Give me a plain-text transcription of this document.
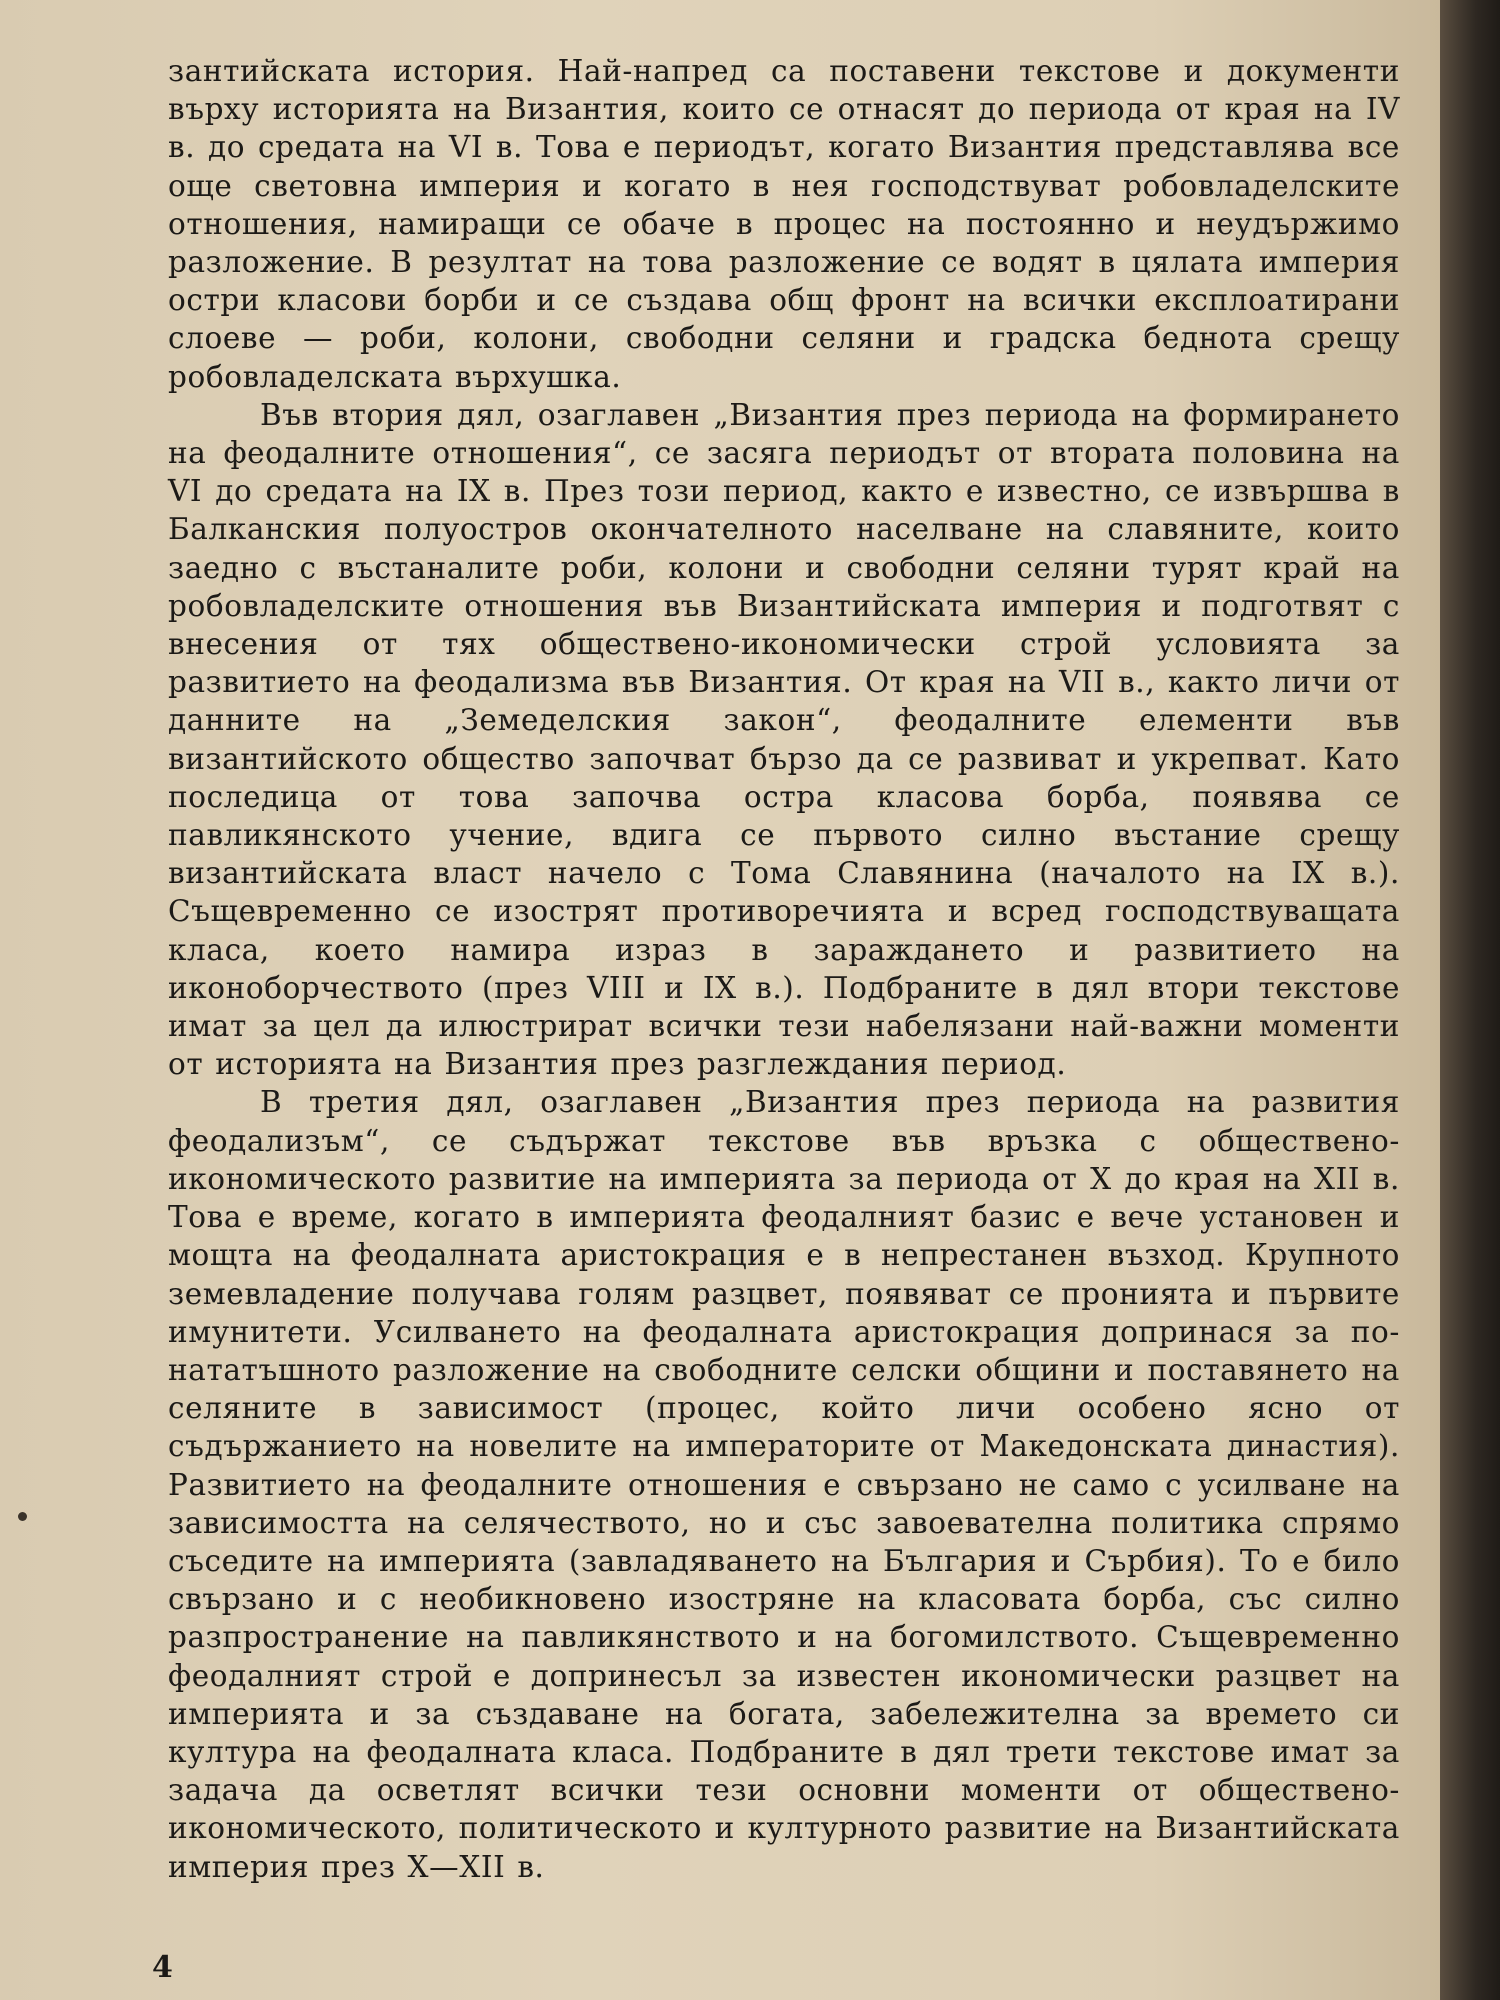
зантийската история. Най-напред са поставени текстове и документи върху историята на Византия, които се отнасят до периода от края на IV в. до средата на VI в. Това е периодът, когато Византия представлява все още световна империя и когато в нея господствуват робовладелските отношения, намиращи се обаче в процес на постоянно и неудържимо разложение. В резултат на това разложение се водят в цялата империя остри класови борби и се създава общ фронт на всички експлоатирани слоеве — роби, колони, свободни селяни и градска беднота срещу робовладелската върхушка.

Във втория дял, озаглавен „Византия през периода на формирането на феодалните отношения“, се засяга периодът от втората половина на VI до средата на IX в. През този период, както е известно, се извършва в Балканския полуостров окончателното населване на славяните, които заедно с въстаналите роби, колони и свободни селяни турят край на робовладелските отношения във Византийската империя и подготвят с внесения от тях обществено-икономически строй условията за развитието на феодализма във Византия. От края на VII в., както личи от данните на „Земеделския закон“, феодалните елементи във византийското общество започват бързо да се развиват и укрепват. Като последица от това започва остра класова борба, появява се павликянското учение, вдига се първото силно въстание срещу византийската власт начело с Тома Славянина (началото на IX в.). Същевременно се изострят противоречията и всред господствуващата класа, което намира израз в зараждането и развитието на иконоборчеството (през VIII и IX в.). Подбраните в дял втори текстове имат за цел да илюстрират всички тези набелязани най-важни моменти от историята на Византия през разглеждания период.

В третия дял, озаглавен „Византия през периода на развития феодализъм“, се съдържат текстове във връзка с обществено-икономическото развитие на империята за периода от X до края на XII в. Това е време, когато в империята феодалният базис е вече установен и мощта на феодалната аристокрация е в непрестанен възход. Крупното земевладение получава голям разцвет, появяват се пронията и първите имунитети. Усилването на феодалната аристокрация допринася за по-нататъшното разложение на свободните селски общини и поставянето на селяните в зависимост (процес, който личи особено ясно от съдържанието на новелите на императорите от Македонската династия). Развитието на феодалните отношения е свързано не само с усилване на зависимостта на селячеството, но и със завоевателна политика спрямо съседите на империята (завладяването на България и Сърбия). То е било свързано и с необикновено изостряне на класовата борба, със силно разпространение на павликянството и на богомилството. Същевременно феодалният строй е допринесъл за известен икономически разцвет на империята и за създаване на богата, забележителна за времето си култура на феодалната класа. Подбраните в дял трети текстове имат за задача да осветлят всички тези основни моменти от обществено-икономическото, политическото и културното развитие на Византийската империя през X—XII в.

4
